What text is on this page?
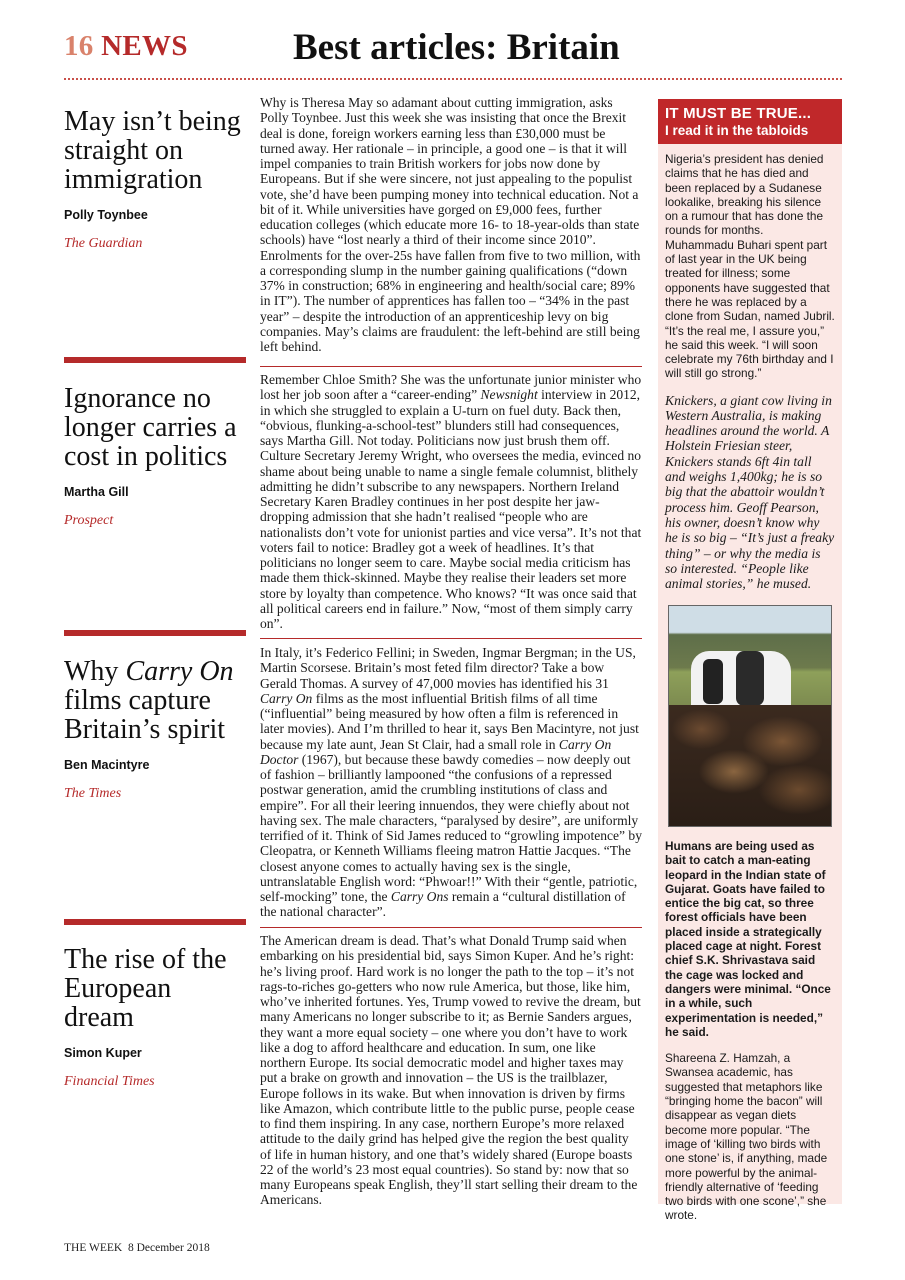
16 NEWS	Best articles: Britain
May isn’t being straight on immigration
Polly Toynbee
The Guardian
Why is Theresa May so adamant about cutting immigration, asks Polly Toynbee. Just this week she was insisting that once the Brexit deal is done, foreign workers earning less than £30,000 must be turned away. Her rationale – in principle, a good one – is that it will impel companies to train British workers for jobs now done by Europeans. But if she were sincere, not just appealing to the populist vote, she’d have been pumping money into technical education. Not a bit of it. While universities have gorged on £9,000 fees, further education colleges (which educate more 16- to 18-year-olds than state schools) have “lost nearly a third of their income since 2010”. Enrolments for the over-25s have fallen from five to two million, with a corresponding slump in the number gaining qualifications (“down 37% in construction; 68% in engineering and health/social care; 89% in IT”). The number of apprentices has fallen too – “34% in the past year” – despite the introduction of an apprenticeship levy on big companies. May’s claims are fraudulent: the left-behind are still being left behind.
Ignorance no longer carries a cost in politics
Martha Gill
Prospect
Remember Chloe Smith? She was the unfortunate junior minister who lost her job soon after a “career-ending” Newsnight interview in 2012, in which she struggled to explain a U-turn on fuel duty. Back then, “obvious, flunking-a-school-test” blunders still had consequences, says Martha Gill. Not today. Politicians now just brush them off. Culture Secretary Jeremy Wright, who oversees the media, evinced no shame about being unable to name a single female columnist, blithely admitting he didn’t subscribe to any newspapers. Northern Ireland Secretary Karen Bradley continues in her post despite her jaw-dropping admission that she hadn’t realised “people who are nationalists don’t vote for unionist parties and vice versa”. It’s not that voters fail to notice: Bradley got a week of headlines. It’s that politicians no longer seem to care. Maybe social media criticism has made them thick-skinned. Maybe they realise their leaders set more store by loyalty than competence. Who knows? “It was once said that all political careers end in failure.” Now, “most of them simply carry on”.
Why Carry On films capture Britain’s spirit
Ben Macintyre
The Times
In Italy, it’s Federico Fellini; in Sweden, Ingmar Bergman; in the US, Martin Scorsese. Britain’s most feted film director? Take a bow Gerald Thomas. A survey of 47,000 movies has identified his 31 Carry On films as the most influential British films of all time (“influential” being measured by how often a film is referenced in later movies). And I’m thrilled to hear it, says Ben Macintyre, not just because my late aunt, Jean St Clair, had a small role in Carry On Doctor (1967), but because these bawdy comedies – now deeply out of fashion – brilliantly lampooned “the confusions of a repressed postwar generation, amid the crumbling institutions of class and empire”. For all their leering innuendos, they were chiefly about not having sex. The male characters, “paralysed by desire”, are uniformly terrified of it. Think of Sid James reduced to “growling impotence” by Cleopatra, or Kenneth Williams fleeing matron Hattie Jacques. “The closest anyone comes to actually having sex is the single, untranslatable English word: “Phwoar!!” With their “gentle, patriotic, self-mocking” tone, the Carry Ons remain a “cultural distillation of the national character”.
The rise of the European dream
Simon Kuper
Financial Times
The American dream is dead. That’s what Donald Trump said when embarking on his presidential bid, says Simon Kuper. And he’s right: he’s living proof. Hard work is no longer the path to the top – it’s not rags-to-riches go-getters who now rule America, but those, like him, who’ve inherited fortunes. Yes, Trump vowed to revive the dream, but many Americans no longer subscribe to it; as Bernie Sanders argues, they want a more equal society – one where you don’t have to work like a dog to afford healthcare and education. In sum, one like northern Europe. Its social democratic model and higher taxes may put a brake on growth and innovation – the US is the trailblazer, Europe follows in its wake. But when innovation is driven by firms like Amazon, which contribute little to the public purse, people cease to find them inspiring. In any case, northern Europe’s more relaxed attitude to the daily grind has helped give the region the best quality of life in human history, and one that’s widely shared (Europe boasts 22 of the world’s 23 most equal countries). So stand by: now that so many Europeans speak English, they’ll start selling their dream to the Americans.
IT MUST BE TRUE...
I read it in the tabloids

Nigeria’s president has denied claims that he has died and been replaced by a Sudanese lookalike, breaking his silence on a rumour that has done the rounds for months. Muhammadu Buhari spent part of last year in the UK being treated for illness; some opponents have suggested that there he was replaced by a clone from Sudan, named Jubril. “It’s the real me, I assure you,” he said this week. “I will soon celebrate my 76th birthday and I will still go strong.”

Knickers, a giant cow living in Western Australia, is making headlines around the world. A Holstein Friesian steer, Knickers stands 6ft 4in tall and weighs 1,400kg; he is so big that the abattoir wouldn’t process him. Geoff Pearson, his owner, doesn’t know why he is so big – “It’s just a freaky thing” – or why the media is so interested. “People like animal stories,” he mused.

Humans are being used as bait to catch a man-eating leopard in the Indian state of Gujarat. Goats have failed to entice the big cat, so three forest officials have been placed inside a strategically placed cage at night. Forest chief S.K. Shrivastava said the cage was locked and dangers were minimal. “Once in a while, such experimentation is needed,” he said.

Shareena Z. Hamzah, a Swansea academic, has suggested that metaphors like “bringing home the bacon” will disappear as vegan diets become more popular. “The image of ‘killing two birds with one stone’ is, if anything, made more powerful by the animal-friendly alternative of ‘feeding two birds with one scone’,” she wrote.

THE WEEK 8 December 2018
